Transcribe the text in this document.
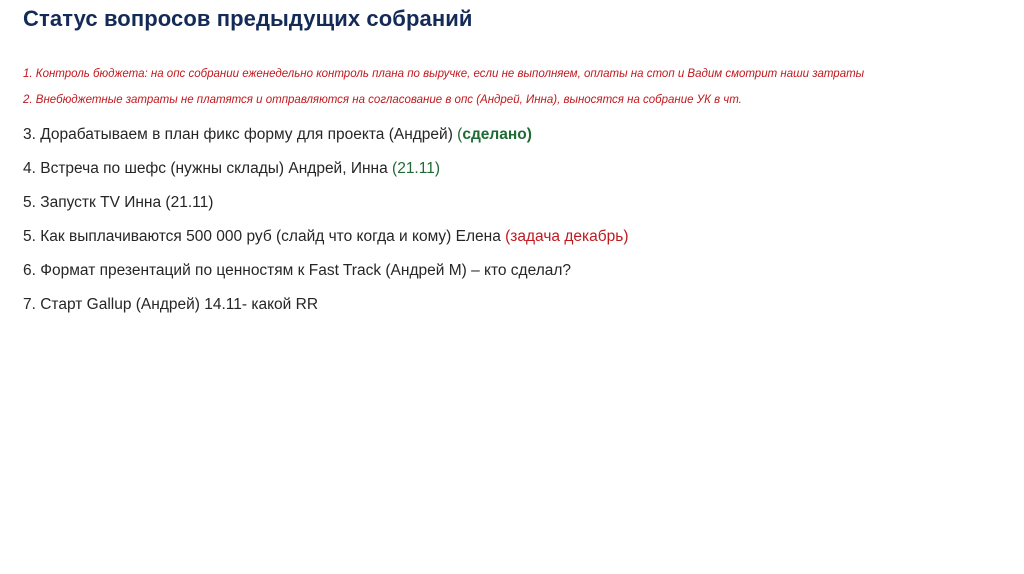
Статус вопросов предыдущих собраний
1. Контроль бюджета: на опс собрании еженедельно контроль плана по выручке, если не выполняем, оплаты на стоп и Вадим смотрит наши затраты
2. Внебюджетные затраты не платятся и отправляются на согласование в опс (Андрей, Инна), выносятся на собрание УК в чт.
3. Дорабатываем в план фикс форму для проекта (Андрей) (сделано)
4. Встреча по шефс (нужны склады) Андрей, Инна (21.11)
5. Запустк TV Инна (21.11)
5. Как выплачиваются 500 000 руб (слайд что когда и кому) Елена (задача декабрь)
6. Формат презентаций по ценностям к Fast Track (Андрей М) – кто сделал?
7. Старт Gallup (Андрей) 14.11- какой RR
